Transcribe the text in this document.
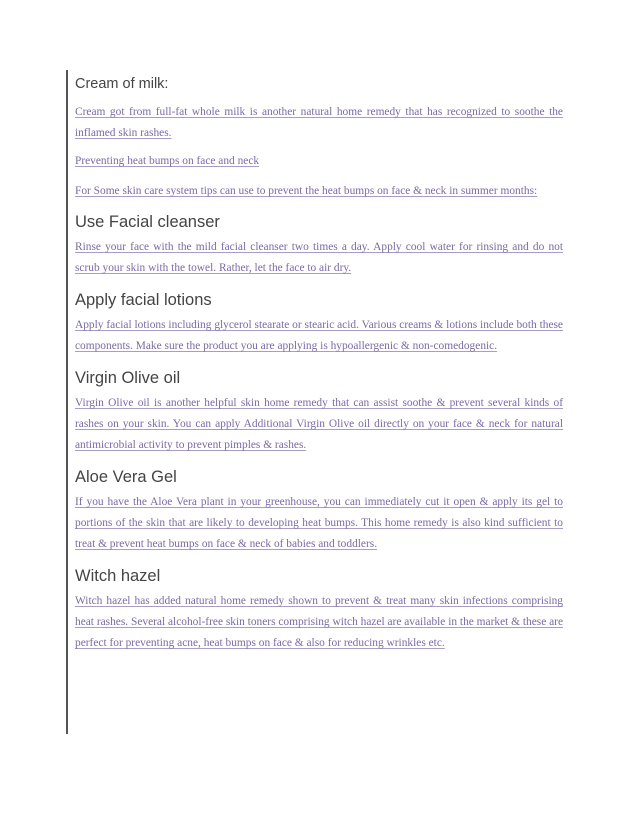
Cream of milk:

Cream got from full-fat whole milk is another natural home remedy that has recognized to soothe the inflamed skin rashes.

Preventing heat bumps on face and neck

For Some skin care system tips can use to prevent the heat bumps on face & neck in summer months:

Use Facial cleanser

Rinse your face with the mild facial cleanser two times a day. Apply cool water for rinsing and do not scrub your skin with the towel. Rather, let the face to air dry.

Apply facial lotions

Apply facial lotions including glycerol stearate or stearic acid. Various creams & lotions include both these components. Make sure the product you are applying is hypoallergenic & non-comedogenic.

Virgin Olive oil

Virgin Olive oil is another helpful skin home remedy that can assist soothe & prevent several kinds of rashes on your skin. You can apply Additional Virgin Olive oil directly on your face & neck for natural antimicrobial activity to prevent pimples & rashes.

Aloe Vera Gel

If you have the Aloe Vera plant in your greenhouse, you can immediately cut it open & apply its gel to portions of the skin that are likely to developing heat bumps. This home remedy is also kind sufficient to treat & prevent heat bumps on face & neck of babies and toddlers.

Witch hazel

Witch hazel has added natural home remedy shown to prevent & treat many skin infections comprising heat rashes. Several alcohol-free skin toners comprising witch hazel are available in the market & these are perfect for preventing acne, heat bumps on face & also for reducing wrinkles etc.
